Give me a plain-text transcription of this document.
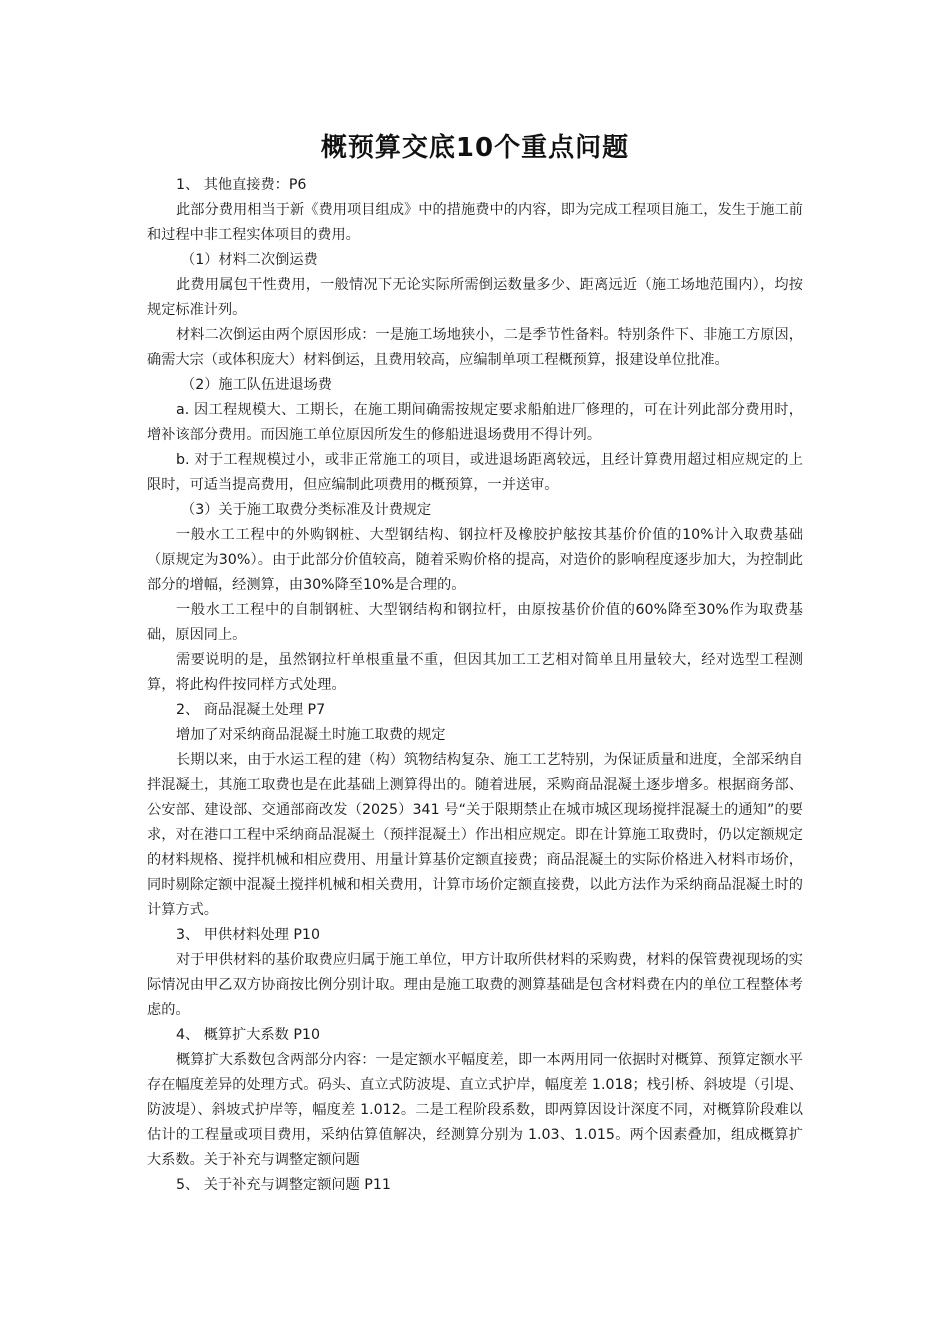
概预算交底10个重点问题

1、 其他直接费：P6

此部分费用相当于新《费用项目组成》中的措施费中的内容，即为完成工程项目施工，发生于施工前和过程中非工程实体项目的费用。

（1）材料二次倒运费

此费用属包干性费用，一般情况下无论实际所需倒运数量多少、距离远近（施工场地范围内），均按规定标准计列。

材料二次倒运由两个原因形成：一是施工场地狭小，二是季节性备料。特别条件下、非施工方原因，确需大宗（或体积庞大）材料倒运，且费用较高，应编制单项工程概预算，报建设单位批准。

（2）施工队伍进退场费

a. 因工程规模大、工期长，在施工期间确需按规定要求船舶进厂修理的，可在计列此部分费用时，增补该部分费用。而因施工单位原因所发生的修船进退场费用不得计列。

b. 对于工程规模过小，或非正常施工的项目，或进退场距离较远，且经计算费用超过相应规定的上限时，可适当提高费用，但应编制此项费用的概预算，一并送审。

（3）关于施工取费分类标准及计费规定

一般水工工程中的外购钢桩、大型钢结构、钢拉杆及橡胶护舷按其基价价值的10%计入取费基础（原规定为30%）。由于此部分价值较高，随着采购价格的提高，对造价的影响程度逐步加大，为控制此部分的增幅，经测算，由30%降至10%是合理的。

一般水工工程中的自制钢桩、大型钢结构和钢拉杆，由原按基价价值的60%降至30%作为取费基础，原因同上。

需要说明的是，虽然钢拉杆单根重量不重，但因其加工工艺相对简单且用量较大，经对选型工程测算，将此构件按同样方式处理。

2、 商品混凝土处理 P7

增加了对采纳商品混凝土时施工取费的规定

长期以来，由于水运工程的建（构）筑物结构复杂、施工工艺特别，为保证质量和进度，全部采纳自拌混凝土，其施工取费也是在此基础上测算得出的。随着进展，采购商品混凝土逐步增多。根据商务部、公安部、建设部、交通部商改发（2025）341 号“关于限期禁止在城市城区现场搅拌混凝土的通知”的要求，对在港口工程中采纳商品混凝土（预拌混凝土）作出相应规定。即在计算施工取费时，仍以定额规定的材料规格、搅拌机械和相应费用、用量计算基价定额直接费；商品混凝土的实际价格进入材料市场价，同时剔除定额中混凝土搅拌机械和相关费用，计算市场价定额直接费，以此方法作为采纳商品混凝土时的计算方式。

3、 甲供材料处理 P10

对于甲供材料的基价取费应归属于施工单位，甲方计取所供材料的采购费，材料的保管费视现场的实际情况由甲乙双方协商按比例分别计取。理由是施工取费的测算基础是包含材料费在内的单位工程整体考虑的。

4、 概算扩大系数 P10

概算扩大系数包含两部分内容：一是定额水平幅度差，即一本两用同一依据时对概算、预算定额水平存在幅度差异的处理方式。码头、直立式防波堤、直立式护岸，幅度差 1.018；栈引桥、斜坡堤（引堤、防波堤）、斜坡式护岸等，幅度差 1.012。二是工程阶段系数，即两算因设计深度不同，对概算阶段难以估计的工程量或项目费用，采纳估算值解决，经测算分别为 1.03、1.015。两个因素叠加，组成概算扩大系数。关于补充与调整定额问题

5、 关于补充与调整定额问题 P11
